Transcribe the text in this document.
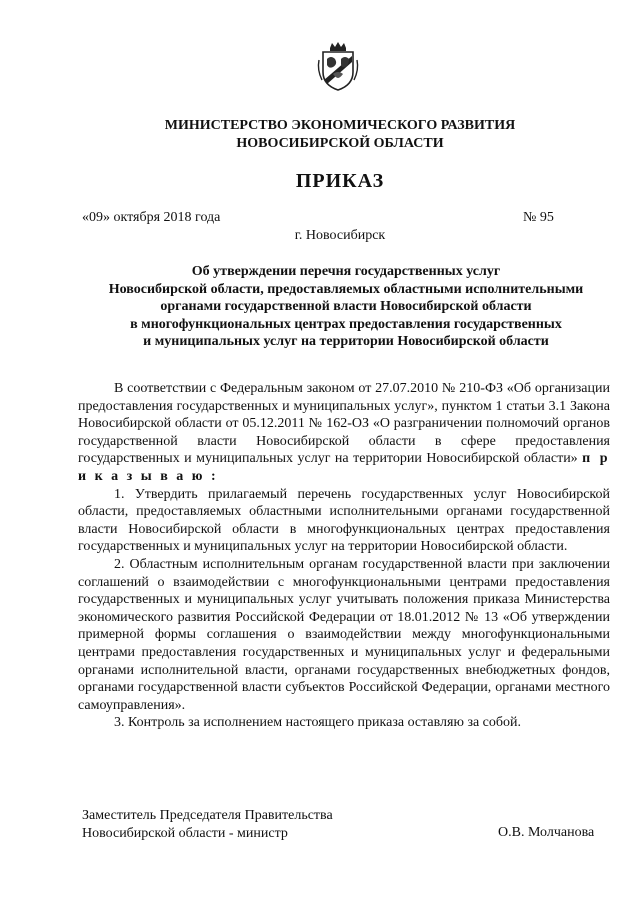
МИНИСТЕРСТВО ЭКОНОМИЧЕСКОГО РАЗВИТИЯ
НОВОСИБИРСКОЙ ОБЛАСТИ
ПРИКАЗ
«09» октября 2018 года	№ 95
г. Новосибирск
Об утверждении перечня государственных услуг
Новосибирской области, предоставляемых областными исполнительными
органами государственной власти Новосибирской области
в многофункциональных центрах предоставления государственных
и муниципальных услуг на территории Новосибирской области

В соответствии с Федеральным законом от 27.07.2010 № 210-ФЗ «Об организации предоставления государственных и муниципальных услуг», пунктом 1 статьи 3.1 Закона Новосибирской области от 05.12.2011 № 162-ОЗ «О разграничении полномочий органов государственной власти Новосибирской области в сфере предоставления государственных и муниципальных услуг на территории Новосибирской области» п р и к а з ы в а ю :

1. Утвердить прилагаемый перечень государственных услуг Новосибирской области, предоставляемых областными исполнительными органами государственной власти Новосибирской области в многофункциональных центрах предоставления государственных и муниципальных услуг на территории Новосибирской области.

2. Областным исполнительным органам государственной власти при заключении соглашений о взаимодействии с многофункциональными центрами предоставления государственных и муниципальных услуг учитывать положения приказа Министерства экономического развития Российской Федерации от 18.01.2012 № 13 «Об утверждении примерной формы соглашения о взаимодействии между многофункциональными центрами предоставления государственных и муниципальных услуг и федеральными органами исполнительной власти, органами государственных внебюджетных фондов, органами государственной власти субъектов Российской Федерации, органами местного самоуправления».

3. Контроль за исполнением настоящего приказа оставляю за собой.

Заместитель Председателя Правительства
Новосибирской области - министр	О.В. Молчанова
